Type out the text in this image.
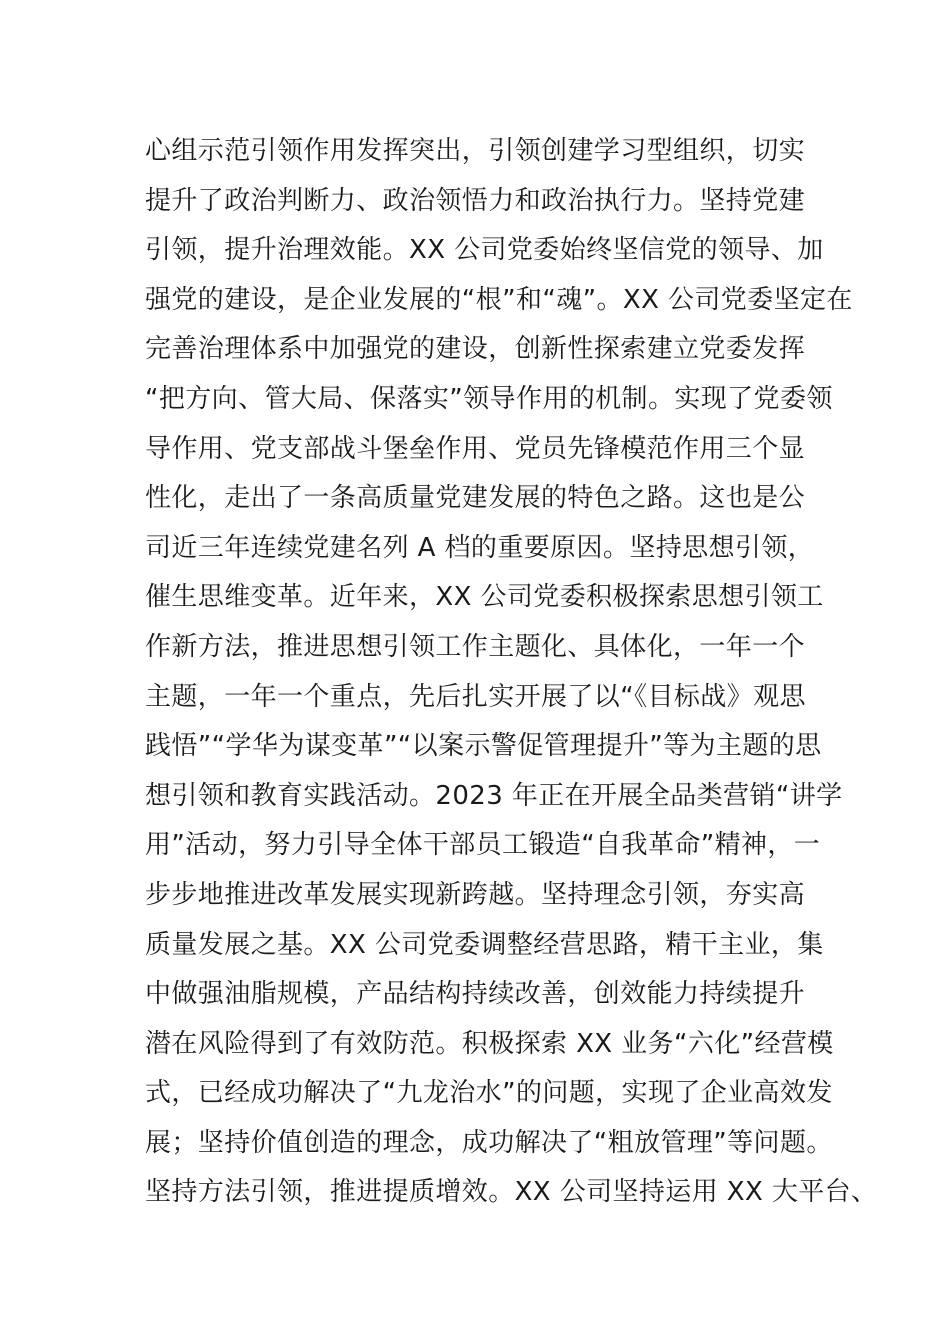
心组示范引领作用发挥突出，引领创建学习型组织，切实
提升了政治判断力、政治领悟力和政治执行力。坚持党建
引领，提升治理效能。XX 公司党委始终坚信党的领导、加
强党的建设，是企业发展的“根”和“魂”。XX 公司党委坚定在
完善治理体系中加强党的建设，创新性探索建立党委发挥
“把方向、管大局、保落实”领导作用的机制。实现了党委领
导作用、党支部战斗堡垒作用、党员先锋模范作用三个显
性化，走出了一条高质量党建发展的特色之路。这也是公
司近三年连续党建名列 A 档的重要原因。坚持思想引领，
催生思维变革。近年来，XX 公司党委积极探索思想引领工
作新方法，推进思想引领工作主题化、具体化，一年一个
主题，一年一个重点，先后扎实开展了以“《目标战》观思
践悟”“学华为谋变革”“以案示警促管理提升”等为主题的思
想引领和教育实践活动。2023 年正在开展全品类营销“讲学
用”活动，努力引导全体干部员工锻造“自我革命”精神，一
步步地推进改革发展实现新跨越。坚持理念引领，夯实高
质量发展之基。XX 公司党委调整经营思路，精干主业，集
中做强油脂规模，产品结构持续改善，创效能力持续提升
潜在风险得到了有效防范。积极探索 XX 业务“六化”经营模
式，已经成功解决了“九龙治水”的问题，实现了企业高效发
展；坚持价值创造的理念，成功解决了“粗放管理”等问题。
坚持方法引领，推进提质增效。XX 公司坚持运用 XX 大平台、
